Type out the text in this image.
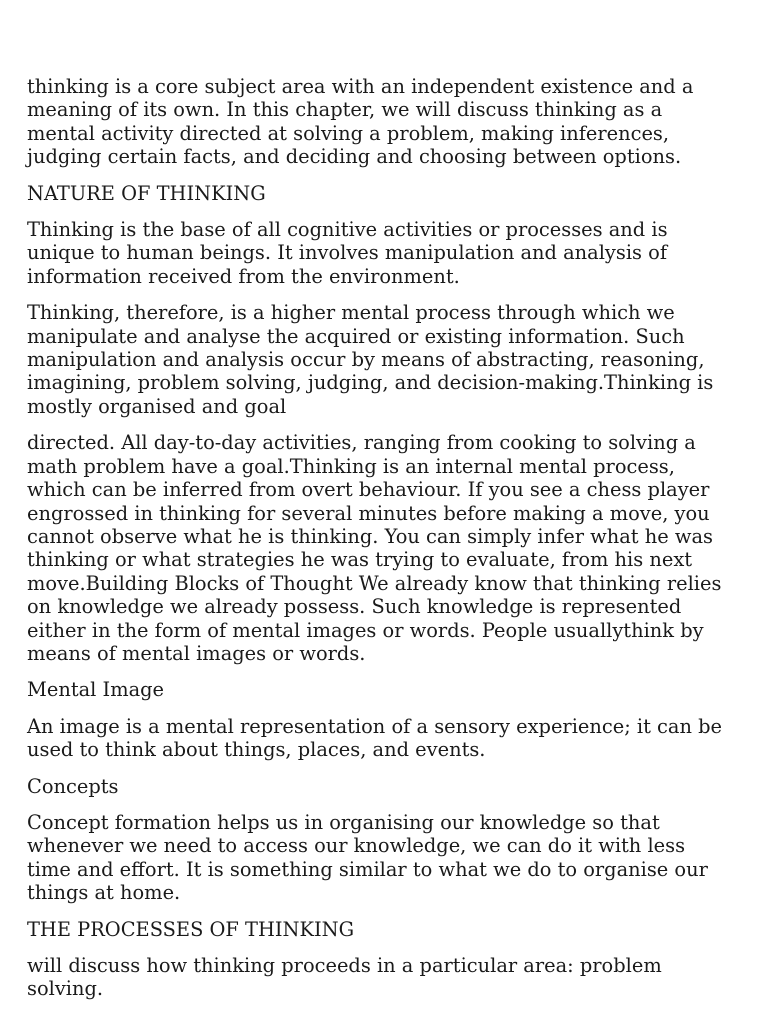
thinking is a core subject area with an independent existence and a meaning of its own. In this chapter, we will discuss thinking as a mental activity directed at solving a problem, making inferences, judging certain facts, and deciding and choosing between options.

NATURE OF THINKING

Thinking is the base of all cognitive activities or processes and is unique to human beings. It involves manipulation and analysis of information received from the environment.

Thinking, therefore, is a higher mental process through which we manipulate and analyse the acquired or existing information. Such manipulation and analysis occur by means of abstracting, reasoning, imagining, problem solving, judging, and decision-making.Thinking is mostly organised and goal

directed. All day-to-day activities, ranging from cooking to solving a math problem have a goal.Thinking is an internal mental process, which can be inferred from overt behaviour. If you see a chess player engrossed in thinking for several minutes before making a move, you cannot observe what he is thinking. You can simply infer what he was thinking or what strategies he was trying to evaluate, from his next move.Building Blocks of Thought We already know that thinking relies on knowledge we already possess. Such knowledge is represented either in the form of mental images or words. People usuallythink by means of mental images or words.

Mental Image

An image is a mental representation of a sensory experience; it can be used to think about things, places, and events.

Concepts

Concept formation helps us in organising our knowledge so that whenever we need to access our knowledge, we can do it with less time and effort. It is something similar to what we do to organise our things at home.

THE PROCESSES OF THINKING

will discuss how thinking proceeds in a particular area: problem solving.
